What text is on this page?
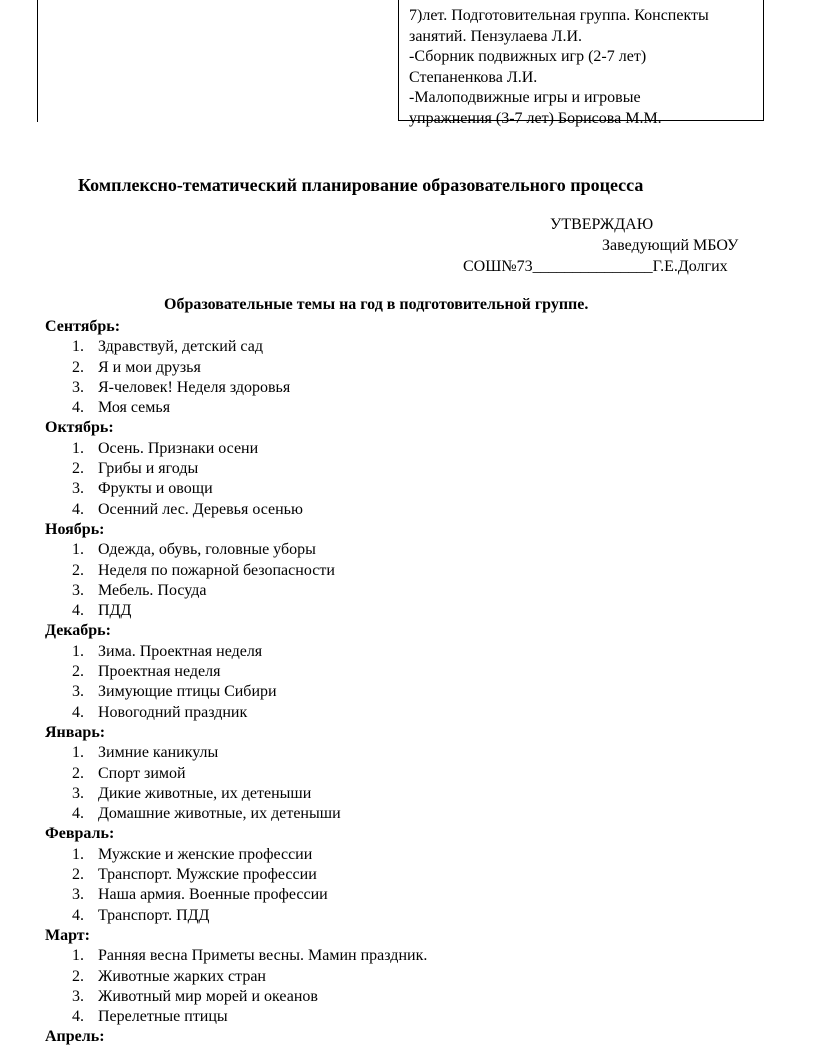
7)лет. Подготовительная группа. Конспекты
занятий. Пензулаева Л.И.
-Сборник подвижных игр (2-7 лет)
Степаненкова Л.И.
-Малоподвижные игры и игровые
упражнения (3-7 лет) Борисова М.М.
Комплексно-тематический планирование образовательного процесса
УТВЕРЖДАЮ
Заведующий МБОУ
СОШ№73_______________Г.Е.Долгих
Образовательные темы на год в подготовительной группе.
Сентябрь:
1. Здравствуй, детский сад
2. Я и мои друзья
3. Я-человек! Неделя здоровья
4. Моя семья
Октябрь:
1. Осень. Признаки осени
2. Грибы и ягоды
3. Фрукты и овощи
4. Осенний лес. Деревья осенью
Ноябрь:
1. Одежда, обувь, головные уборы
2. Неделя по пожарной безопасности
3. Мебель. Посуда
4. ПДД
Декабрь:
1. Зима. Проектная неделя
2. Проектная неделя
3. Зимующие птицы Сибири
4. Новогодний праздник
Январь:
1. Зимние каникулы
2. Спорт зимой
3. Дикие животные, их детеныши
4. Домашние животные, их детеныши
Февраль:
1. Мужские и женские профессии
2. Транспорт. Мужские профессии
3. Наша армия. Военные профессии
4. Транспорт. ПДД
Март:
1. Ранняя весна Приметы весны. Мамин праздник.
2. Животные жарких стран
3. Животный мир морей и океанов
4. Перелетные птицы
Апрель:
